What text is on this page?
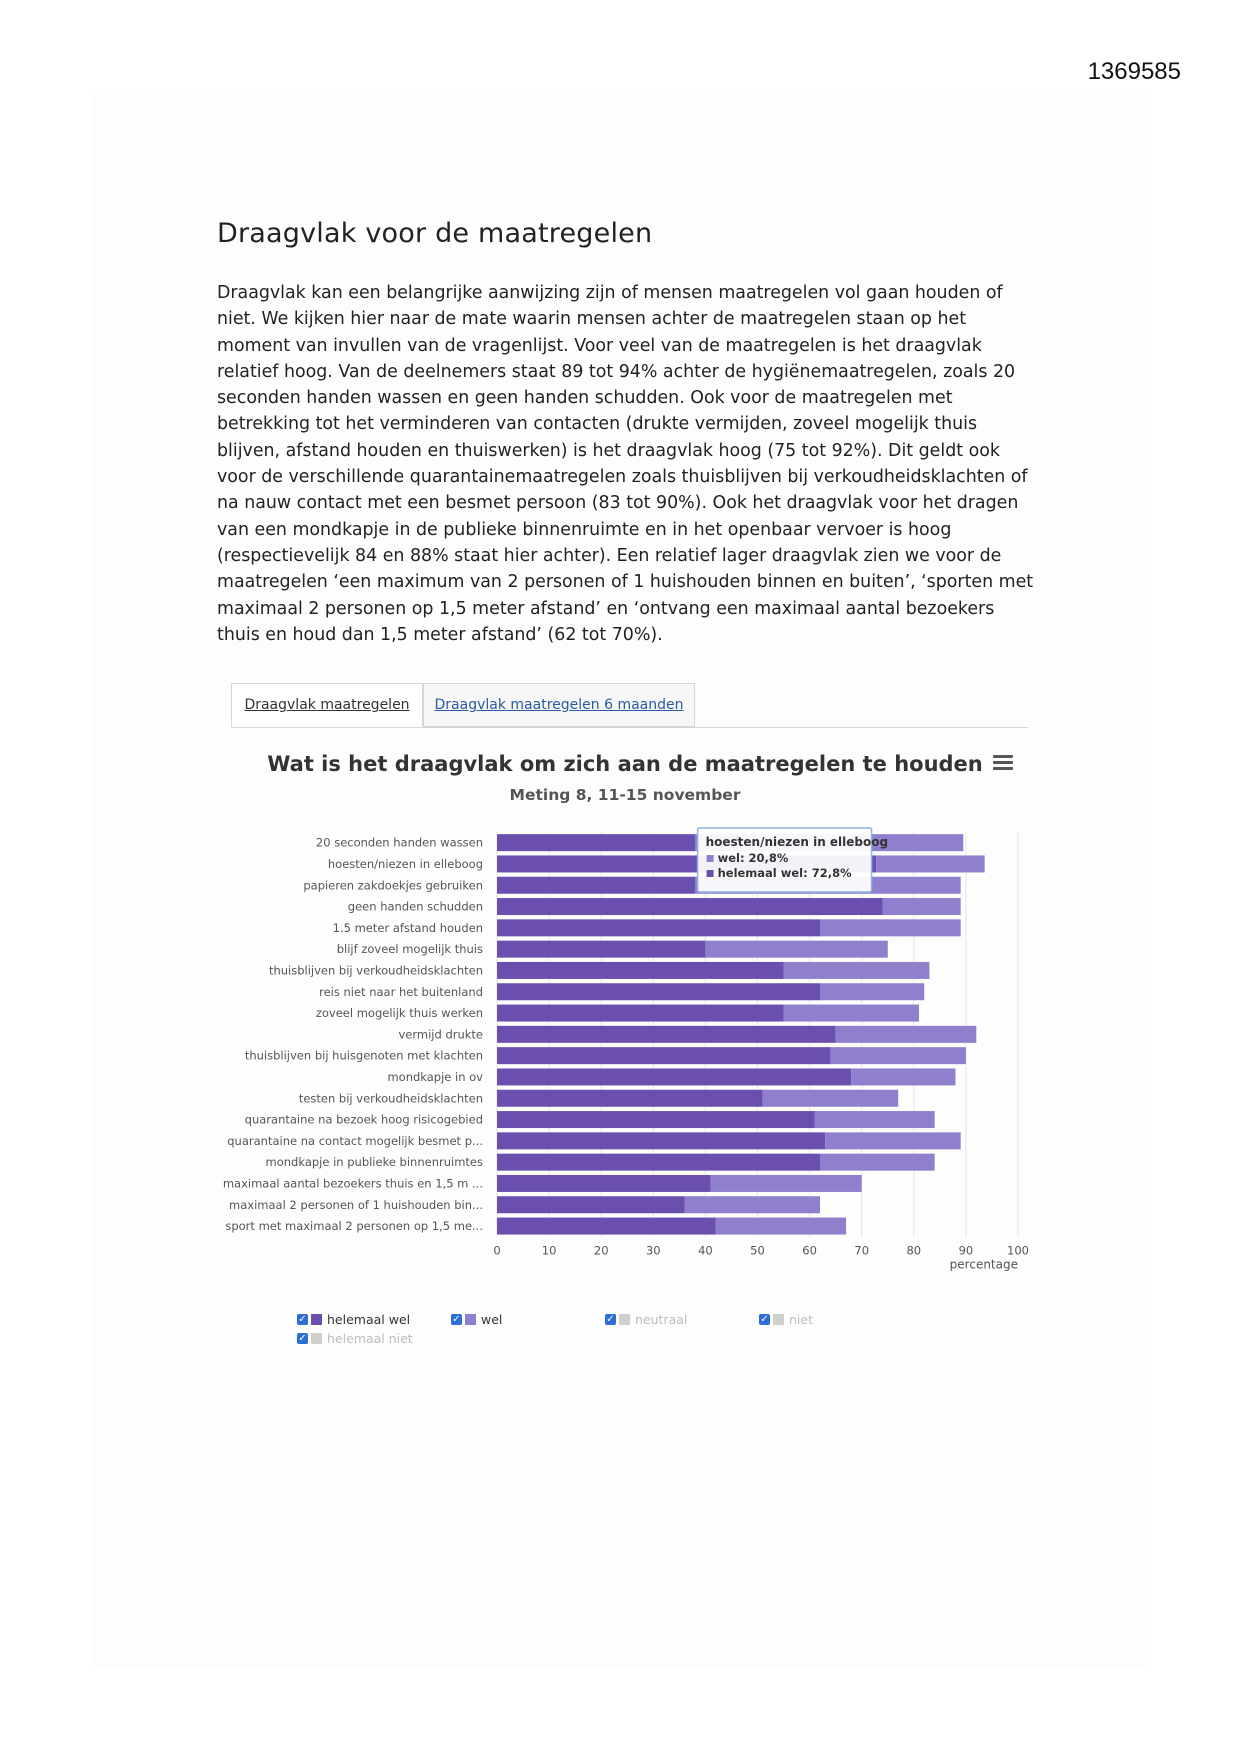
1369585
Draagvlak voor de maatregelen

Draagvlak kan een belangrijke aanwijzing zijn of mensen maatregelen vol gaan houden of niet. We kijken hier naar de mate waarin mensen achter de maatregelen staan op het moment van invullen van de vragenlijst. Voor veel van de maatregelen is het draagvlak relatief hoog. Van de deelnemers staat 89 tot 94% achter de hygiënemaatregelen, zoals 20 seconden handen wassen en geen handen schudden. Ook voor de maatregelen met betrekking tot het verminderen van contacten (drukte vermijden, zoveel mogelijk thuis blijven, afstand houden en thuiswerken) is het draagvlak hoog (75 tot 92%). Dit geldt ook voor de verschillende quarantainemaatregelen zoals thuisblijven bij verkoudheidsklachten of na nauw contact met een besmet persoon (83 tot 90%). Ook het draagvlak voor het dragen van een mondkapje in de publieke binnenruimte en in het openbaar vervoer is hoog (respectievelijk 84 en 88% staat hier achter). Een relatief lager draagvlak zien we voor de maatregelen ‘een maximum van 2 personen of 1 huishouden binnen en buiten’, ‘sporten met maximaal 2 personen op 1,5 meter afstand’ en ‘ontvang een maximaal aantal bezoekers thuis en houd dan 1,5 meter afstand’ (62 tot 70%).

Draagvlak maatregelen	Draagvlak maatregelen 6 maanden
Wat is het draagvlak om zich aan de maatregelen te houden
Meting 8, 11-15 november
20 seconden handen wassen
hoesten/niezen in elleboog
papieren zakdoekjes gebruiken
geen handen schudden
1.5 meter afstand houden
blijf zoveel mogelijk thuis
thuisblijven bij verkoudheidsklachten
reis niet naar het buitenland
zoveel mogelijk thuis werken
vermijd drukte
thuisblijven bij huisgenoten met klachten
mondkapje in ov
testen bij verkoudheidsklachten
quarantaine na bezoek hoog risicogebied
quarantaine na contact mogelijk besmet p...
mondkapje in publieke binnenruimtes
maximaal aantal bezoekers thuis en 1,5 m ...
maximaal 2 personen of 1 huishouden bin...
sport met maximaal 2 personen op 1,5 me...
0	10	20	30	40	50	60	70	80	90	100
percentage
hoesten/niezen in elleboog
wel: 20,8%
helemaal wel: 72,8%
✓ helemaal wel	✓ wel	✓ neutraal	✓ niet
✓ helemaal niet
